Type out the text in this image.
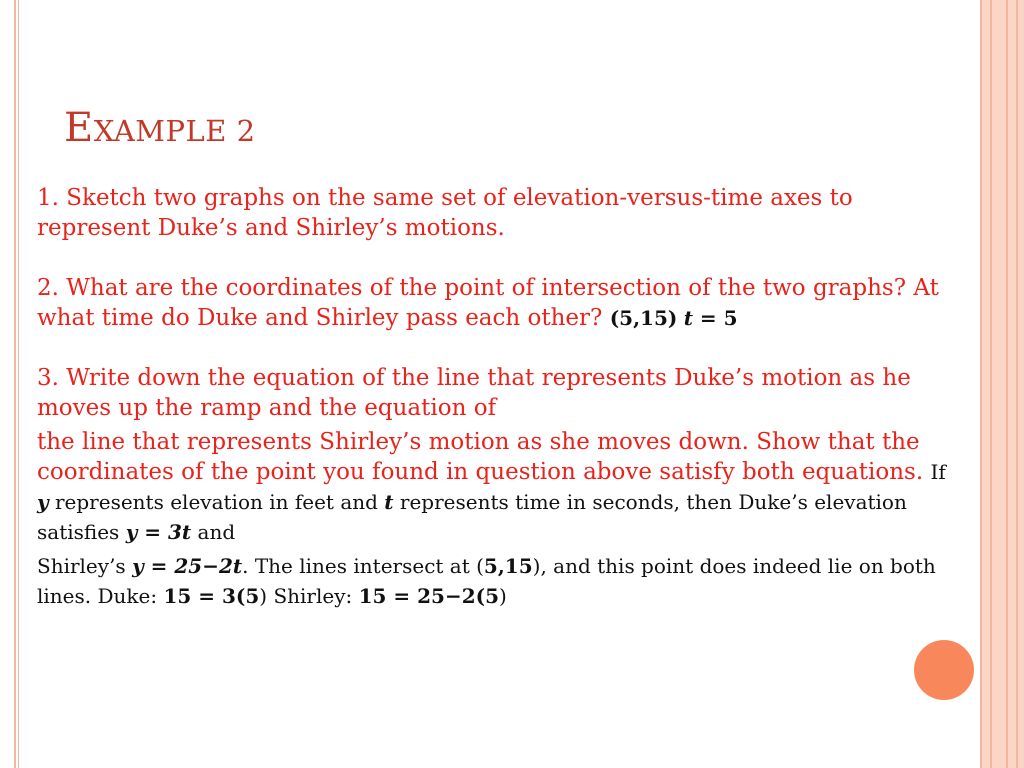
EXAMPLE 2

1. Sketch two graphs on the same set of elevation-versus-time axes to represent Duke’s and Shirley’s motions.

2. What are the coordinates of the point of intersection of the two graphs? At what time do Duke and Shirley pass each other? (5,15) t = 5

3. Write down the equation of the line that represents Duke’s motion as he moves up the ramp and the equation of

the line that represents Shirley’s motion as she moves down. Show that the coordinates of the point you found in question above satisfy both equations. If y represents elevation in feet and t represents time in seconds, then Duke’s elevation satisfies y = 3t and
Shirley’s y = 25−2t. The lines intersect at (5,15), and this point does indeed lie on both lines. Duke: 15 = 3(5) Shirley: 15 = 25−2(5)
